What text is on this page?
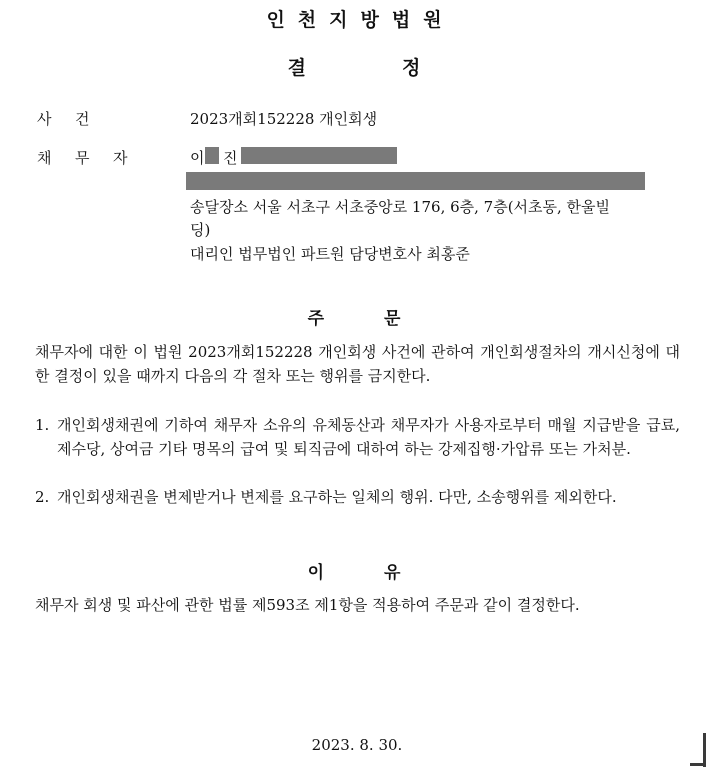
인천지방법원
결정
사 건	2023개회152228 개인회생
채 무 자	이 진
송달장소 서울 서초구 서초중앙로 176, 6층, 7층(서초동, 한울빌
딩)
대리인 법무법인 파트원 담당변호사 최홍준
주문
채무자에 대한 이 법원 2023개회152228 개인회생 사건에 관하여 개인회생절차의 개시신청에 대한 결정이 있을 때까지 다음의 각 절차 또는 행위를 금지한다.
1. 개인회생채권에 기하여 채무자 소유의 유체동산과 채무자가 사용자로부터 매월 지급받을 급료, 제수당, 상여금 기타 명목의 급여 및 퇴직금에 대하여 하는 강제집행·가압류 또는 가처분.
2. 개인회생채권을 변제받거나 변제를 요구하는 일체의 행위. 다만, 소송행위를 제외한다.
이유
채무자 회생 및 파산에 관한 법률 제593조 제1항을 적용하여 주문과 같이 결정한다.
2023. 8. 30.
